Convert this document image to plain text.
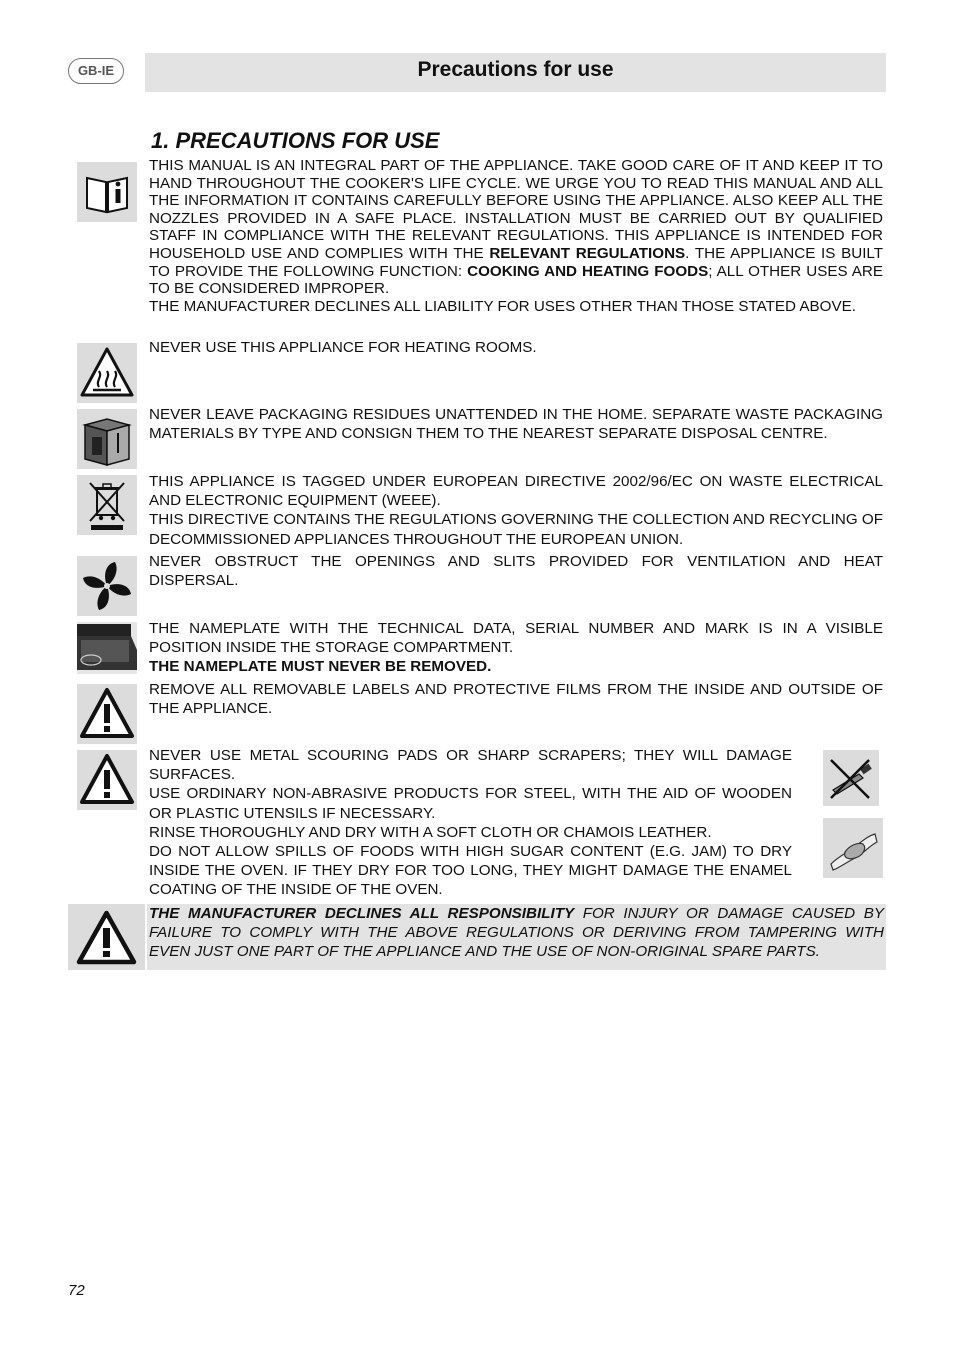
GB-IE	Precautions for use
1. PRECAUTIONS FOR USE

THIS MANUAL IS AN INTEGRAL PART OF THE APPLIANCE. TAKE GOOD CARE OF IT AND KEEP IT TO HAND THROUGHOUT THE COOKER'S LIFE CYCLE. WE URGE YOU TO READ THIS MANUAL AND ALL THE INFORMATION IT CONTAINS CAREFULLY BEFORE USING THE APPLIANCE. ALSO KEEP ALL THE NOZZLES PROVIDED IN A SAFE PLACE. INSTALLATION MUST BE CARRIED OUT BY QUALIFIED STAFF IN COMPLIANCE WITH THE RELEVANT REGULATIONS. THIS APPLIANCE IS INTENDED FOR HOUSEHOLD USE AND COMPLIES WITH THE RELEVANT REGULATIONS. THE APPLIANCE IS BUILT TO PROVIDE THE FOLLOWING FUNCTION: COOKING AND HEATING FOODS; ALL OTHER USES ARE TO BE CONSIDERED IMPROPER.

THE MANUFACTURER DECLINES ALL LIABILITY FOR USES OTHER THAN THOSE STATED ABOVE.

NEVER USE THIS APPLIANCE FOR HEATING ROOMS.

NEVER LEAVE PACKAGING RESIDUES UNATTENDED IN THE HOME. SEPARATE WASTE PACKAGING MATERIALS BY TYPE AND CONSIGN THEM TO THE NEAREST SEPARATE DISPOSAL CENTRE.

THIS APPLIANCE IS TAGGED UNDER EUROPEAN DIRECTIVE 2002/96/EC ON WASTE ELECTRICAL AND ELECTRONIC EQUIPMENT (WEEE).

THIS DIRECTIVE CONTAINS THE REGULATIONS GOVERNING THE COLLECTION AND RECYCLING OF DECOMMISSIONED APPLIANCES THROUGHOUT THE EUROPEAN UNION.

NEVER OBSTRUCT THE OPENINGS AND SLITS PROVIDED FOR VENTILATION AND HEAT DISPERSAL.

THE NAMEPLATE WITH THE TECHNICAL DATA, SERIAL NUMBER AND MARK IS IN A VISIBLE POSITION INSIDE THE STORAGE COMPARTMENT.

THE NAMEPLATE MUST NEVER BE REMOVED.

REMOVE ALL REMOVABLE LABELS AND PROTECTIVE FILMS FROM THE INSIDE AND OUTSIDE OF THE APPLIANCE.

NEVER USE METAL SCOURING PADS OR SHARP SCRAPERS; THEY WILL DAMAGE SURFACES.

USE ORDINARY NON-ABRASIVE PRODUCTS FOR STEEL, WITH THE AID OF WOODEN OR PLASTIC UTENSILS IF NECESSARY.

RINSE THOROUGHLY AND DRY WITH A SOFT CLOTH OR CHAMOIS LEATHER.

DO NOT ALLOW SPILLS OF FOODS WITH HIGH SUGAR CONTENT (E.G. JAM) TO DRY INSIDE THE OVEN. IF THEY DRY FOR TOO LONG, THEY MIGHT DAMAGE THE ENAMEL COATING OF THE INSIDE OF THE OVEN.

THE MANUFACTURER DECLINES ALL RESPONSIBILITY FOR INJURY OR DAMAGE CAUSED BY FAILURE TO COMPLY WITH THE ABOVE REGULATIONS OR DERIVING FROM TAMPERING WITH EVEN JUST ONE PART OF THE APPLIANCE AND THE USE OF NON-ORIGINAL SPARE PARTS.
72
